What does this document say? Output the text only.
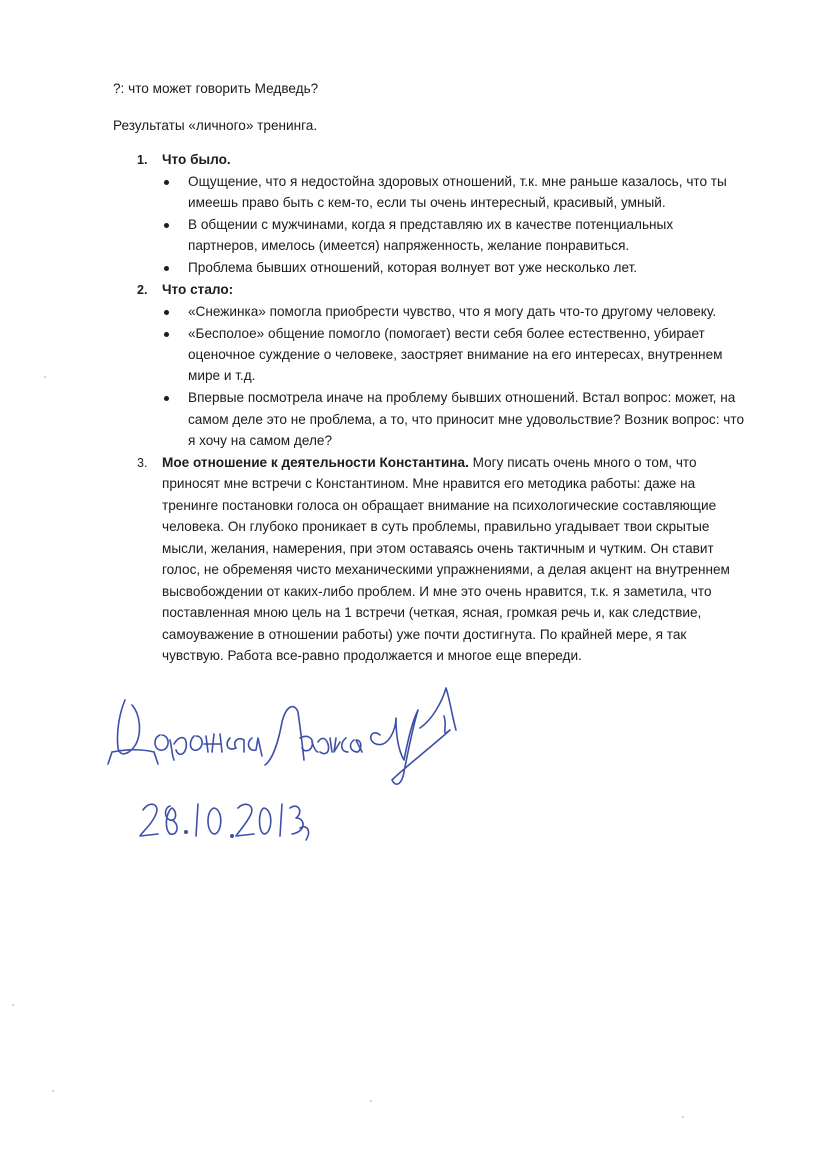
?: что может говорить Медведь?
Результаты «личного» тренинга.
1. Что было.
Ощущение, что я недостойна здоровых отношений, т.к. мне раньше казалось, что ты
имеешь право быть с кем-то, если ты очень интересный, красивый, умный.
В общении с мужчинами, когда я представляю их в качестве потенциальных
партнеров, имелось (имеется) напряженность, желание понравиться.
Проблема бывших отношений, которая волнует вот уже несколько лет.
2. Что стало:
«Снежинка» помогла приобрести чувство, что я могу дать что-то другому человеку.
«Бесполое» общение помогло (помогает) вести себя более естественно, убирает
оценочное суждение о человеке, заостряет внимание на его интересах, внутреннем
мире и т.д.
Впервые посмотрела иначе на проблему бывших отношений. Встал вопрос: может, на
самом деле это не проблема, а то, что приносит мне удовольствие? Возник вопрос: что
я хочу на самом деле?
3. Мое отношение к деятельности Константина. Могу писать очень много о том, что
приносят мне встречи с Константином. Мне нравится его методика работы: даже на
тренинге постановки голоса он обращает внимание на психологические составляющие
человека. Он глубоко проникает в суть проблемы, правильно угадывает твои скрытые
мысли, желания, намерения, при этом оставаясь очень тактичным и чутким. Он ставит
голос, не обременяя чисто механическими упражнениями, а делая акцент на внутреннем
высвобождении от каких-либо проблем. И мне это очень нравится, т.к. я заметила, что
поставленная мною цель на 1 встречи (четкая, ясная, громкая речь и, как следствие,
самоуважение в отношении работы) уже почти достигнута. По крайней мере, я так
чувствую. Работа все-равно продолжается и многое еще впереди.
